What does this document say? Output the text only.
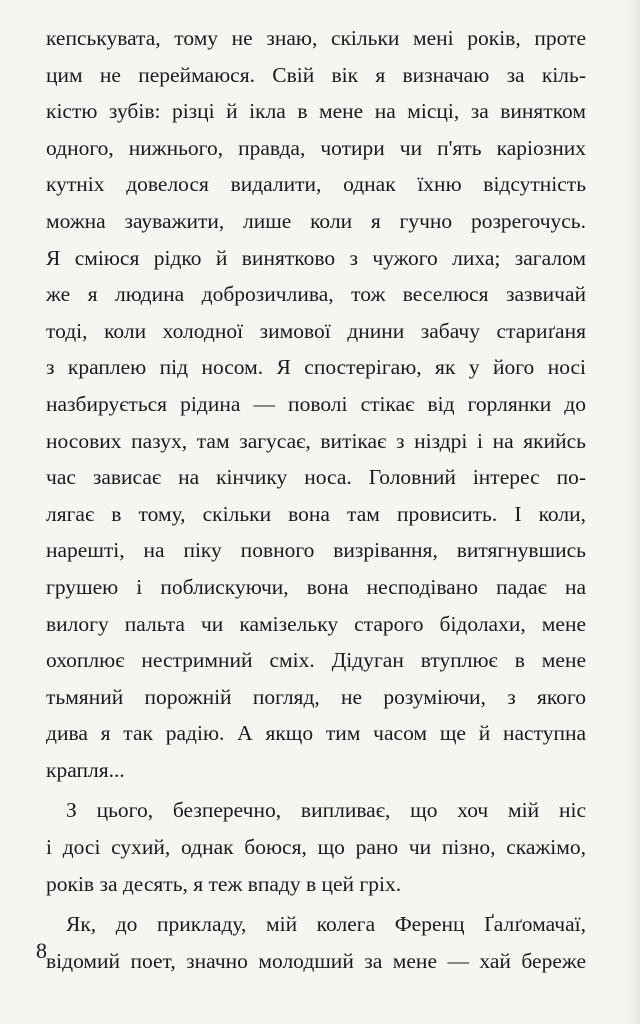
кепськувата, тому не знаю, скільки мені років, проте
цим не переймаюся. Свій вік я визначаю за кіль-
кістю зубів: різці й ікла в мене на місці, за винятком
одного, нижнього, правда, чотири чи п'ять каріозних
кутніх довелося видалити, однак їхню відсутність
можна зауважити, лише коли я гучно розрегочусь.
Я сміюся рідко й винятково з чужого лиха; загалом
же я людина доброзичлива, тож веселюся зазвичай
тоді, коли холодної зимової днини забачу стариґаня
з краплею під носом. Я спостерігаю, як у його носі
назбирується рідина — поволі стікає від горлянки до
носових пазух, там загусає, витікає з ніздрі і на якийсь
час зависає на кінчику носа. Головний інтерес по-
лягає в тому, скільки вона там провисить. І коли,
нарешті, на піку повного визрівання, витягнувшись
грушею і поблискуючи, вона несподівано падає на
вилогу пальта чи камізельку старого бідолахи, мене
охоплює нестримний сміх. Дідуган втуплює в мене
тьмяний порожній погляд, не розуміючи, з якого
дива я так радію. А якщо тим часом ще й наступна
крапля...
З цього, безперечно, випливає, що хоч мій ніс
і досі сухий, однак боюся, що рано чи пізно, скажімо,
років за десять, я теж впаду в цей гріх.
Як, до прикладу, мій колега Ференц Ґалґомачаї,
відомий поет, значно молодший за мене — хай береже
8
